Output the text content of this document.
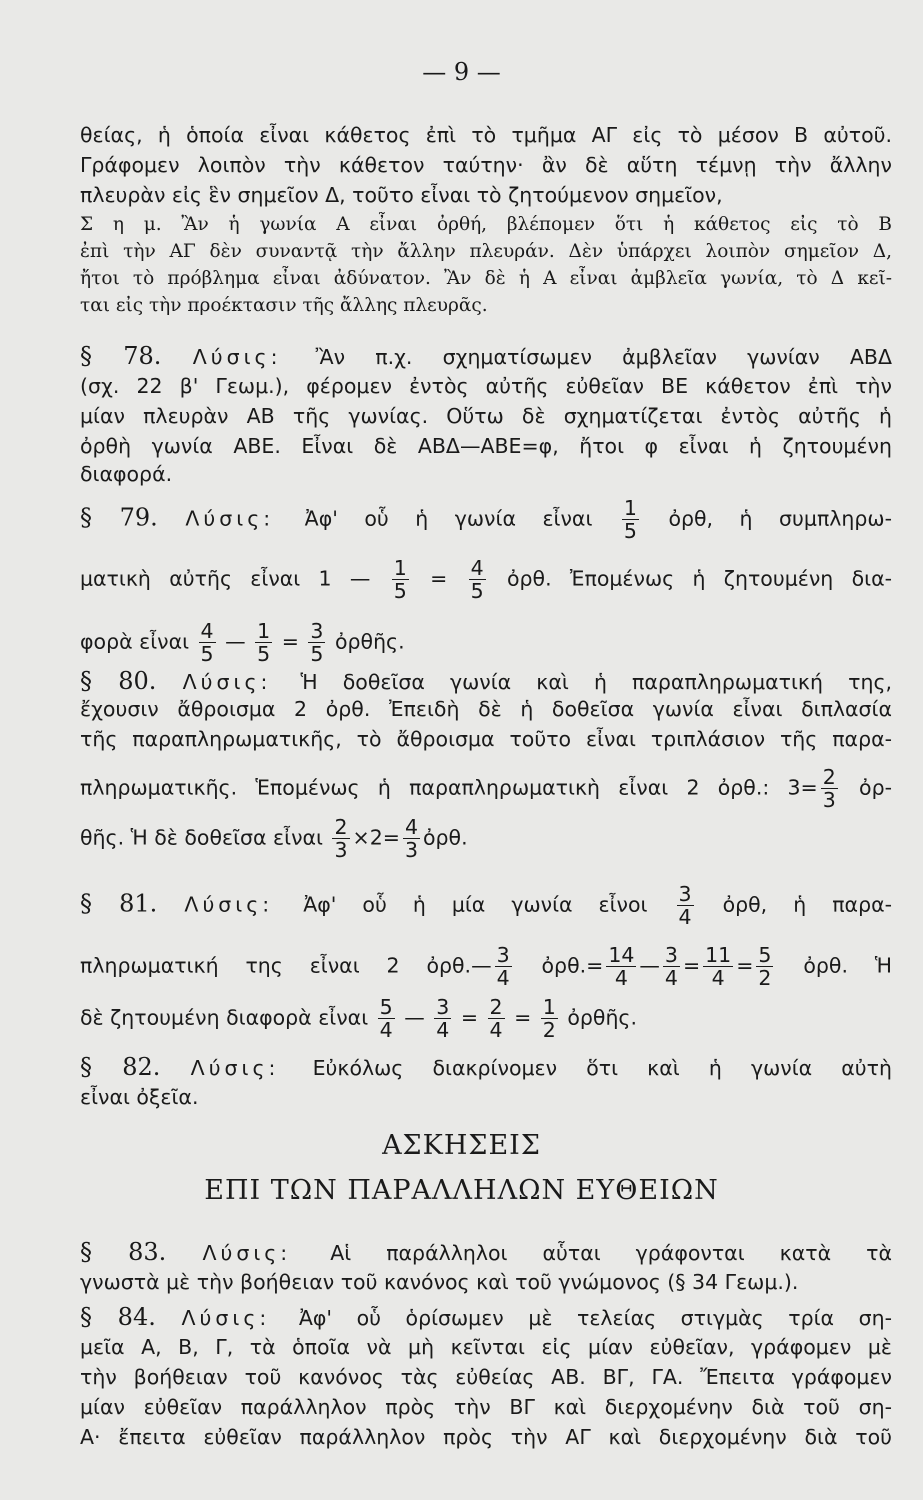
— 9 —
θείας, ἡ ὁποία εἶναι κάθετος ἐπὶ τὸ τμῆμα ΑΓ εἰς τὸ μέσον Β αὐτοῦ.
Γράφομεν λοιπὸν τὴν κάθετον ταύτην· ἂν δὲ αὕτη τέμνῃ τὴν ἄλλην
πλευρὰν εἰς ἓν σημεῖον Δ, τοῦτο εἶναι τὸ ζητούμενον σημεῖον,
Σ η μ. Ἂν ἡ γωνία Α εἶναι ὀρθή, βλέπομεν ὅτι ἡ κάθετος εἰς τὸ Β
ἐπὶ τὴν ΑΓ δὲν συναντᾷ τὴν ἄλλην πλευράν. Δὲν ὑπάρχει λοιπὸν σημεῖον Δ,
ἤτοι τὸ πρόβλημα εἶναι ἀδύνατον. Ἂν δὲ ἡ Α εἶναι ἀμβλεῖα γωνία, τὸ Δ κεῖ-
ται εἰς τὴν προέκτασιν τῆς ἄλλης πλευρᾶς.
§ 78. Λύσις: Ἂν π.χ. σχηματίσωμεν ἀμβλεῖαν γωνίαν ΑΒΔ
(σχ. 22 β' Γεωμ.), φέρομεν ἐντὸς αὐτῆς εὐθεῖαν ΒΕ κάθετον ἐπὶ τὴν
μίαν πλευρὰν ΑΒ τῆς γωνίας. Οὕτω δὲ σχηματίζεται ἐντὸς αὐτῆς ἡ
ὀρθὴ γωνία ΑΒΕ. Εἶναι δὲ ΑΒΔ—ΑΒΕ=φ, ἤτοι φ εἶναι ἡ ζητουμένη
διαφορά.
§ 79. Λύσις: Ἀφ' οὗ ἡ γωνία εἶναι $\frac{1}{5}$ ὀρθ, ἡ συμπληρω-
ματικὴ αὐτῆς εἶναι 1 — $\frac{1}{5} = \frac{4}{5}$ ὀρθ. Ἐπομένως ἡ ζητουμένη δια-
φορὰ εἶναι $\frac{4}{5}$ — $\frac{1}{5} = \frac{3}{5}$ ὀρθῆς.
§ 80. Λύσις: Ἡ δοθεῖσα γωνία καὶ ἡ παραπληρωματική της,
ἔχουσιν ἄθροισμα 2 ὀρθ. Ἐπειδὴ δὲ ἡ δοθεῖσα γωνία εἶναι διπλασία
τῆς παραπληρωματικῆς, τὸ ἄθροισμα τοῦτο εἶναι τριπλάσιον τῆς παρα-
πληρωματικῆς. Ἑπομένως ἡ παραπληρωματικὴ εἶναι 2 ὀρθ.: $3= \frac{2}{3}$ ὀρ-
θῆς. Ἡ δὲ δοθεῖσα εἶναι $\frac{2}{3} \times 2= \frac{4}{3}$ ὀρθ.
§ 81. Λύσις: Ἀφ' οὗ ἡ μία γωνία εἶνοι $\frac{3}{4}$ ὀρθ, ἡ παρα-
πληρωματική της εἶναι 2 ὀρθ.— $\frac{3}{4}$ ὀρθ.= $\frac{14}{4}$ — $\frac{3}{4} = \frac{11}{4} = \frac{5}{2}$ ὀρθ. Ἡ
δὲ ζητουμένη διαφορὰ εἶναι $\frac{5}{4}$ — $\frac{3}{4} = \frac{2}{4} = \frac{1}{2}$ ὀρθῆς.
§ 82. Λύσις: Εὐκόλως διακρίνομεν ὅτι καὶ ἡ γωνία αὐτὴ
εἶναι ὀξεῖα.
§ 83. Λύσις: Αἱ παράλληλοι αὗται γράφονται κατὰ τὰ
γνωστὰ μὲ τὴν βοήθειαν τοῦ κανόνος καὶ τοῦ γνώμονος (§ 34 Γεωμ.).
§ 84. Λύσις: Ἀφ' οὗ ὁρίσωμεν μὲ τελείας στιγμὰς τρία ση-
μεῖα Α, Β, Γ, τὰ ὁποῖα νὰ μὴ κεῖνται εἰς μίαν εὐθεῖαν, γράφομεν μὲ
τὴν βοήθειαν τοῦ κανόνος τὰς εὐθείας ΑΒ. ΒΓ, ΓΑ. Ἔπειτα γράφομεν
μίαν εὐθεῖαν παράλληλον πρὸς τὴν ΒΓ καὶ διερχομένην διὰ τοῦ ση-
Α· ἔπειτα εὐθεῖαν παράλληλον πρὸς τὴν ΑΓ καὶ διερχομένην διὰ τοῦ
ΑΣΚΗΣΕΙΣ
ΕΠΙ ΤΩΝ ΠΑΡΑΛΛΗΛΩΝ ΕΥΘΕΙΩΝ
